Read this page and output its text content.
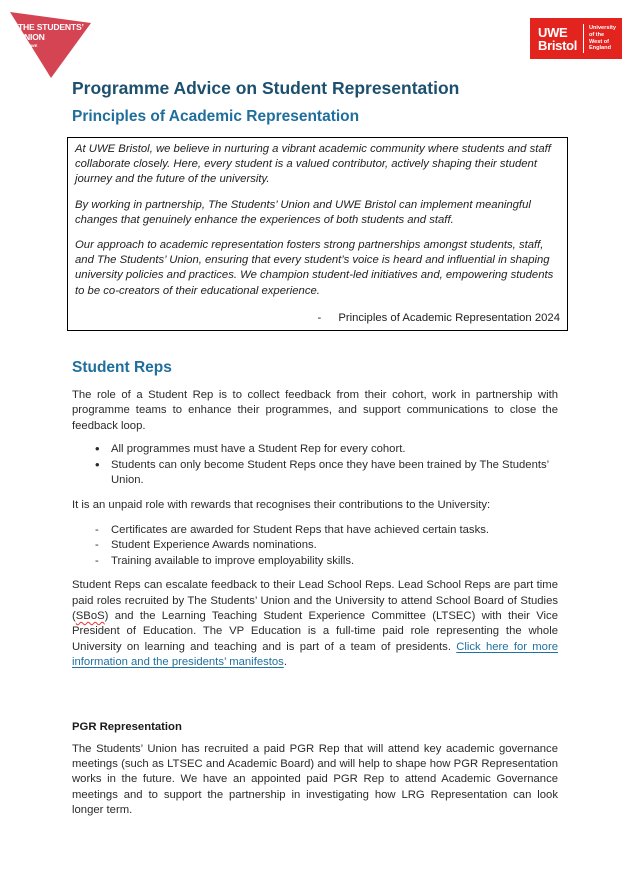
THE STUDENTS’
UNION
AT UWE
UWE
Bristol
University
of the
West of
England
Programme Advice on Student Representation
Principles of Academic Representation

At UWE Bristol, we believe in nurturing a vibrant academic community where students and staff collaborate closely. Here, every student is a valued contributor, actively shaping their student journey and the future of the university.

By working in partnership, The Students’ Union and UWE Bristol can implement meaningful changes that genuinely enhance the experiences of both students and staff.

Our approach to academic representation fosters strong partnerships amongst students, staff, and The Students’ Union, ensuring that every student’s voice is heard and influential in shaping university policies and practices. We champion student-led initiatives and, empowering students to be co-creators of their educational experience.

- Principles of Academic Representation 2024
Student Reps

The role of a Student Rep is to collect feedback from their cohort, work in partnership with programme teams to enhance their programmes, and support communications to close the feedback loop.

• All programmes must have a Student Rep for every cohort.
• Students can only become Student Reps once they have been trained by The Students’ Union.

It is an unpaid role with rewards that recognises their contributions to the University:

- Certificates are awarded for Student Reps that have achieved certain tasks.
- Student Experience Awards nominations.
- Training available to improve employability skills.

Student Reps can escalate feedback to their Lead School Reps. Lead School Reps are part time paid roles recruited by The Students’ Union and the University to attend School Board of Studies (SBoS) and the Learning Teaching Student Experience Committee (LTSEC) with their Vice President of Education. The VP Education is a full-time paid role representing the whole University on learning and teaching and is part of a team of presidents. Click here for more information and the presidents’ manifestos.

PGR Representation

The Students’ Union has recruited a paid PGR Rep that will attend key academic governance meetings (such as LTSEC and Academic Board) and will help to shape how PGR Representation works in the future. We have an appointed paid PGR Rep to attend Academic Governance meetings and to support the partnership in investigating how LRG Representation can look longer term.
